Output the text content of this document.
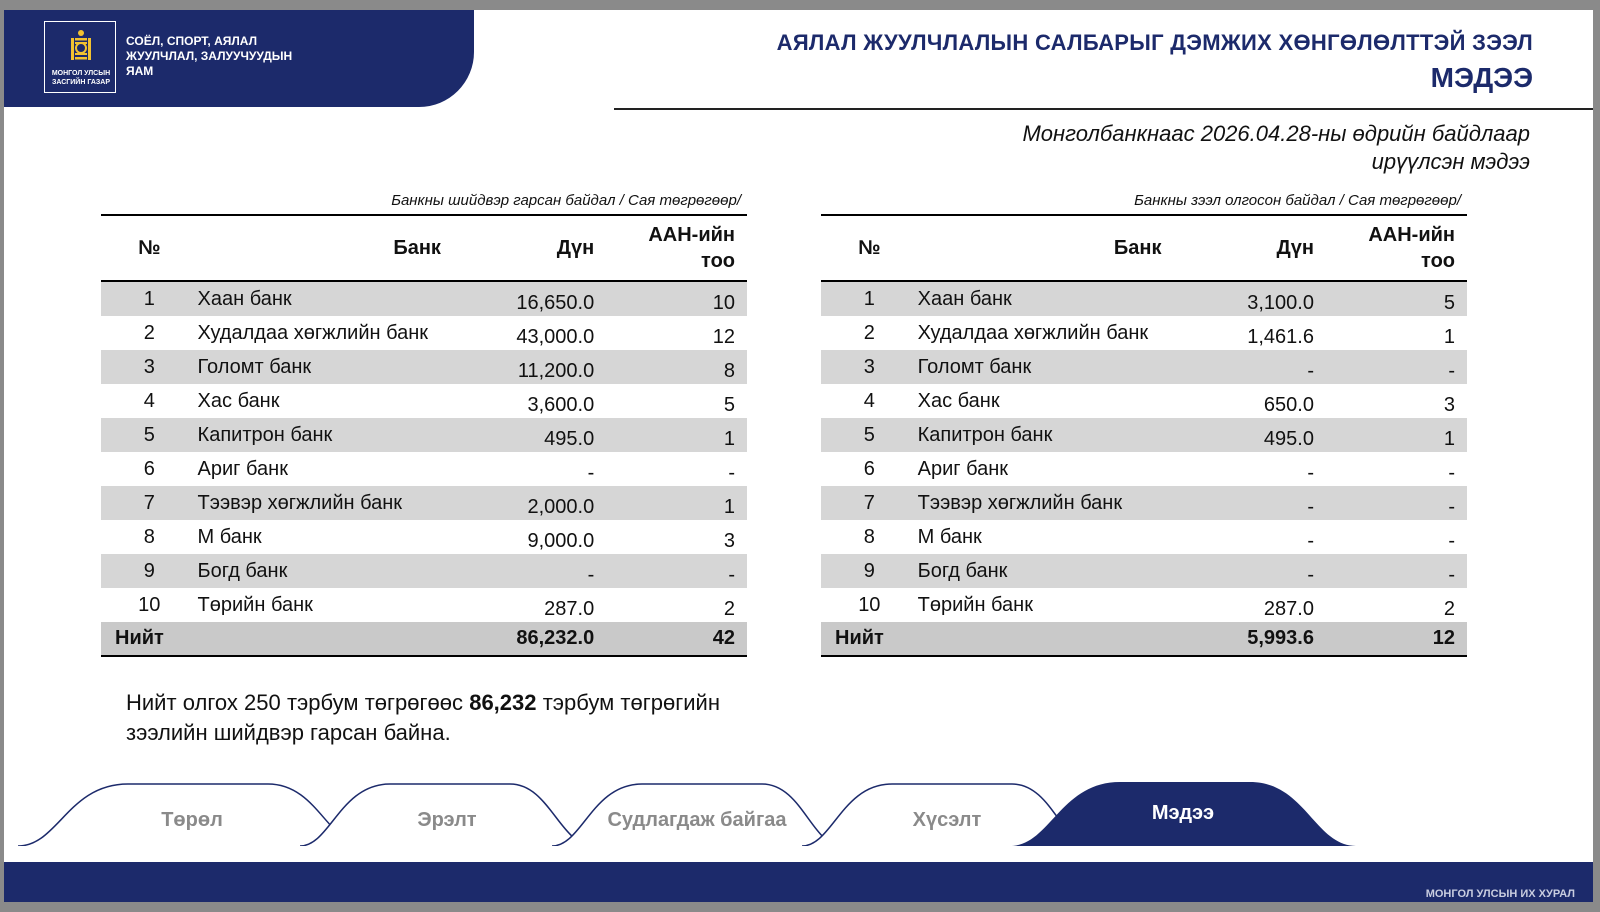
МОНГОЛ УЛСЫН
ЗАСГИЙН ГАЗАР
СОЁЛ, СПОРТ, АЯЛАЛ
ЖУУЛЧЛАЛ, ЗАЛУУЧУУДЫН
ЯАМ
АЯЛАЛ ЖУУЛЧЛАЛЫН САЛБАРЫГ ДЭМЖИХ ХӨНГӨЛӨЛТТЭЙ ЗЭЭЛ
МЭДЭЭ
Монголбанкнаас 2026.04.28-ны өдрийн байдлаар
ирүүлсэн мэдээ
Банкны шийдвэр гарсан байдал / Сая төгрөгөөр/
№	Банк	Дүн	ААН-ийн
тоо

1	Хаан банк	16,650.0	10
2	Худалдаа хөгжлийн банк	43,000.0	12
3	Голомт банк	11,200.0	8
4	Хас банк	3,600.0	5
5	Капитрон банк	495.0	1
6	Ариг банк	-	-
7	Тээвэр хөгжлийн банк	2,000.0	1
8	М банк	9,000.0	3
9	Богд банк	-	-
10	Төрийн банк	287.0	2
Нийт		86,232.0	42
Банкны зээл олгосон байдал / Сая төгрөгөөр/
№	Банк	Дүн	ААН-ийн
тоо

1	Хаан банк	3,100.0	5
2	Худалдаа хөгжлийн банк	1,461.6	1
3	Голомт банк	-	-
4	Хас банк	650.0	3
5	Капитрон банк	495.0	1
6	Ариг банк	-	-
7	Тээвэр хөгжлийн банк	-	-
8	М банк	-	-
9	Богд банк	-	-
10	Төрийн банк	287.0	2
Нийт		5,993.6	12
Нийт олгох 250 тэрбум төгрөгөөс 86,232 тэрбум төгрөгийн зээлийн шийдвэр гарсан байна.
Төрөл	Эрэлт	Судлагдаж байгаа	Хүсэлт	Мэдээ
МОНГОЛ УЛСЫН ИХ ХУРАЛ
